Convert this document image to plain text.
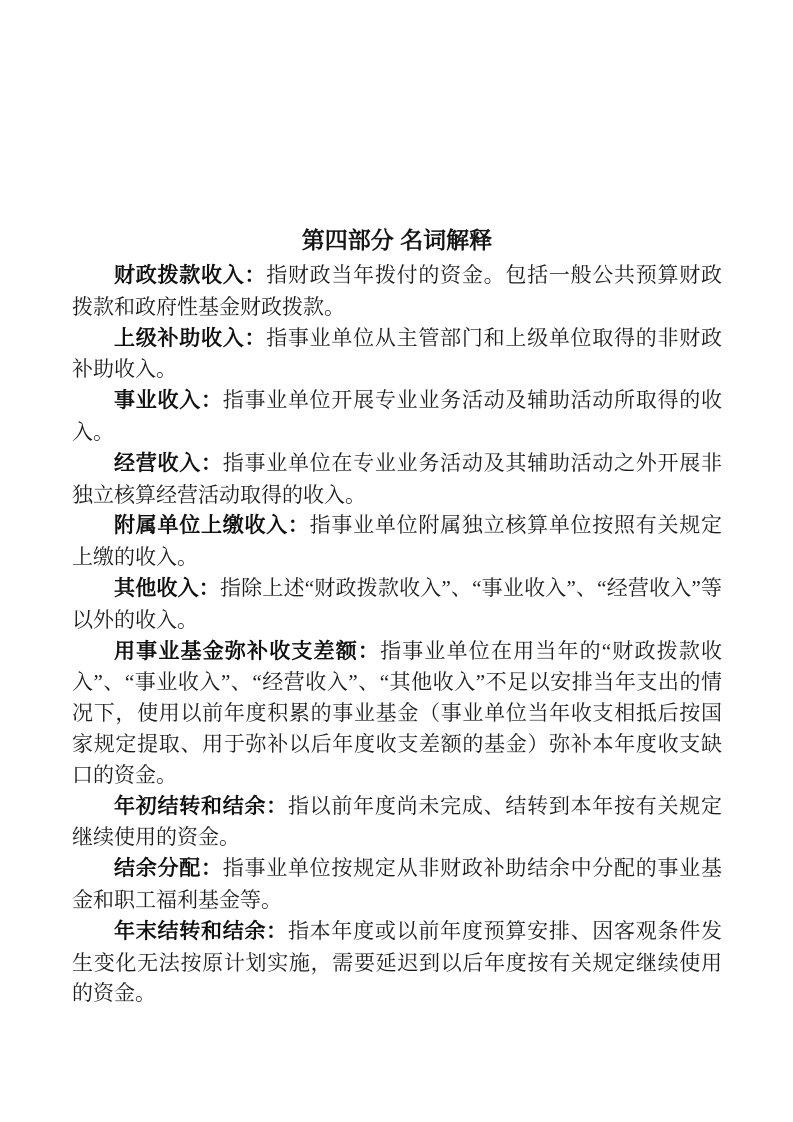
第四部分 名词解释

财政拨款收入：指财政当年拨付的资金。包括一般公共预算财政拨款和政府性基金财政拨款。

上级补助收入：指事业单位从主管部门和上级单位取得的非财政补助收入。

事业收入：指事业单位开展专业业务活动及辅助活动所取得的收入。

经营收入：指事业单位在专业业务活动及其辅助活动之外开展非独立核算经营活动取得的收入。

附属单位上缴收入：指事业单位附属独立核算单位按照有关规定上缴的收入。

其他收入：指除上述“财政拨款收入”、“事业收入”、“经营收入”等以外的收入。

用事业基金弥补收支差额：指事业单位在用当年的“财政拨款收入”、“事业收入”、“经营收入”、“其他收入”不足以安排当年支出的情况下，使用以前年度积累的事业基金（事业单位当年收支相抵后按国家规定提取、用于弥补以后年度收支差额的基金）弥补本年度收支缺口的资金。

年初结转和结余：指以前年度尚未完成、结转到本年按有关规定继续使用的资金。

结余分配：指事业单位按规定从非财政补助结余中分配的事业基金和职工福利基金等。

年末结转和结余：指本年度或以前年度预算安排、因客观条件发生变化无法按原计划实施，需要延迟到以后年度按有关规定继续使用的资金。
